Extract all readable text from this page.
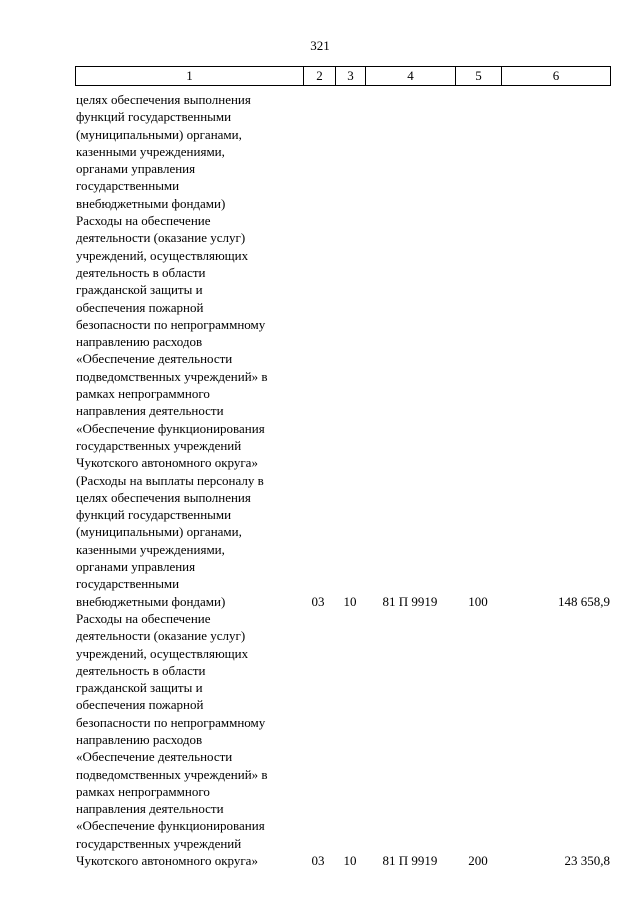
321
1	2	3	4	5	6
целях обеспечения выполнения
функций государственными
(муниципальными) органами,
казенными учреждениями,
органами управления
государственными
внебюджетными фондами)
Расходы на обеспечение
деятельности (оказание услуг)
учреждений, осуществляющих
деятельность в области
гражданской защиты и
обеспечения пожарной
безопасности по непрограммному
направлению расходов
«Обеспечение деятельности
подведомственных учреждений» в
рамках непрограммного
направления деятельности
«Обеспечение функционирования
государственных учреждений
Чукотского автономного округа»
(Расходы на выплаты персоналу в
целях обеспечения выполнения
функций государственными
(муниципальными) органами,
казенными учреждениями,
органами управления
государственными
внебюджетными фондами)	03	10	81 П 9919	100	148 658,9
Расходы на обеспечение
деятельности (оказание услуг)
учреждений, осуществляющих
деятельность в области
гражданской защиты и
обеспечения пожарной
безопасности по непрограммному
направлению расходов
«Обеспечение деятельности
подведомственных учреждений» в
рамках непрограммного
направления деятельности
«Обеспечение функционирования
государственных учреждений
Чукотского автономного округа»	03	10	81 П 9919	200	23 350,8
